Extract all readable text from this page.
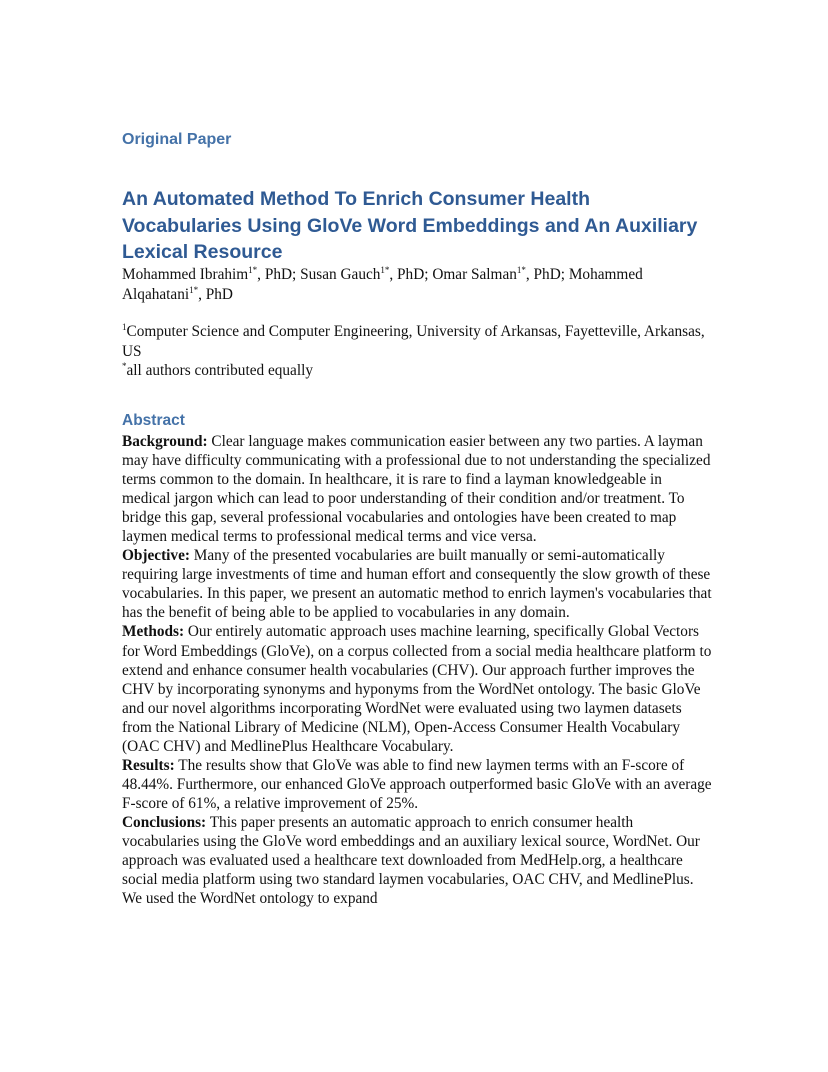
Original Paper
An Automated Method To Enrich Consumer Health Vocabularies Using GloVe Word Embeddings and An Auxiliary Lexical Resource
Mohammed Ibrahim$^{1*}$, PhD; Susan Gauch$^{1*}$, PhD; Omar Salman$^{1*}$, PhD; Mohammed Alqahatani$^{1*}$, PhD
$^1$Computer Science and Computer Engineering, University of Arkansas, Fayetteville, Arkansas, US
*all authors contributed equally
Abstract
Background: Clear language makes communication easier between any two parties. A layman may have difficulty communicating with a professional due to not understanding the specialized terms common to the domain. In healthcare, it is rare to find a layman knowledgeable in medical jargon which can lead to poor understanding of their condition and/or treatment. To bridge this gap, several professional vocabularies and ontologies have been created to map laymen medical terms to professional medical terms and vice versa.
Objective: Many of the presented vocabularies are built manually or semi-automatically requiring large investments of time and human effort and consequently the slow growth of these vocabularies. In this paper, we present an automatic method to enrich laymen's vocabularies that has the benefit of being able to be applied to vocabularies in any domain.
Methods: Our entirely automatic approach uses machine learning, specifically Global Vectors for Word Embeddings (GloVe), on a corpus collected from a social media healthcare platform to extend and enhance consumer health vocabularies (CHV). Our approach further improves the CHV by incorporating synonyms and hyponyms from the WordNet ontology. The basic GloVe and our novel algorithms incorporating WordNet were evaluated using two laymen datasets from the National Library of Medicine (NLM), Open-Access Consumer Health Vocabulary (OAC CHV) and MedlinePlus Healthcare Vocabulary.
Results: The results show that GloVe was able to find new laymen terms with an F-score of 48.44%. Furthermore, our enhanced GloVe approach outperformed basic GloVe with an average F-score of 61%, a relative improvement of 25%.
Conclusions: This paper presents an automatic approach to enrich consumer health vocabularies using the GloVe word embeddings and an auxiliary lexical source, WordNet. Our approach was evaluated used a healthcare text downloaded from MedHelp.org, a healthcare social media platform using two standard laymen vocabularies, OAC CHV, and MedlinePlus. We used the WordNet ontology to expand
